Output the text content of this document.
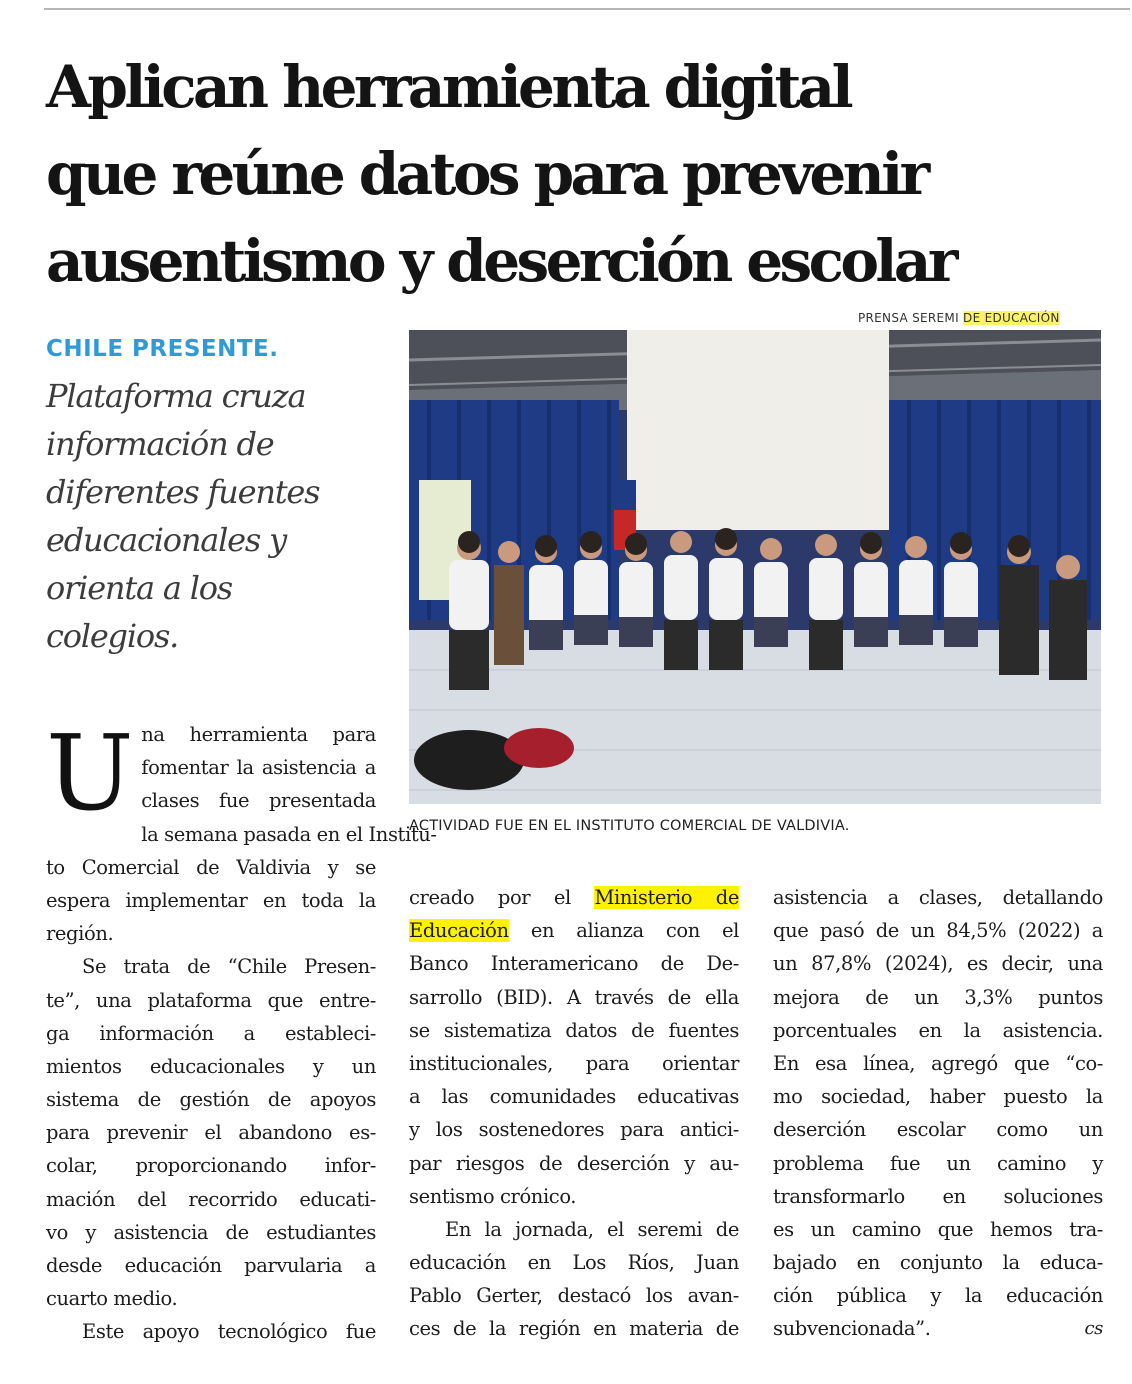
Aplican herramienta digital
que reúne datos para prevenir
ausentismo y deserción escolar

CHILE PRESENTE.

Plataforma cruza
información de
diferentes fuentes
educacionales y
orienta a los
colegios.

PRENSA SEREMI DE EDUCACIÓN

ACTIVIDAD FUE EN EL INSTITUTO COMERCIAL DE VALDIVIA.

U na herramienta para
fomentar la asistencia a
clases fue presentada
la semana pasada en el Institu-
to Comercial de Valdivia y se
espera implementar en toda la
región.
Se trata de “Chile Presen-
te”, una plataforma que entre-
ga información a estableci-
mientos educacionales y un
sistema de gestión de apoyos
para prevenir el abandono es-
colar, proporcionando infor-
mación del recorrido educati-
vo y asistencia de estudiantes
desde educación parvularia a
cuarto medio.
Este apoyo tecnológico fue
creado por el Ministerio de
Educación en alianza con el
Banco Interamericano de De-
sarrollo (BID). A través de ella
se sistematiza datos de fuentes
institucionales, para orientar
a las comunidades educativas
y los sostenedores para antici-
par riesgos de deserción y au-
sentismo crónico.
En la jornada, el seremi de
educación en Los Ríos, Juan
Pablo Gerter, destacó los avan-
ces de la región en materia de
asistencia a clases, detallando
que pasó de un 84,5% (2022) a
un 87,8% (2024), es decir, una
mejora de un 3,3% puntos
porcentuales en la asistencia.
En esa línea, agregó que “co-
mo sociedad, haber puesto la
deserción escolar como un
problema fue un camino y
transformarlo en soluciones
es un camino que hemos tra-
bajado en conjunto la educa-
ción pública y la educación
subvencionada”.	cs
